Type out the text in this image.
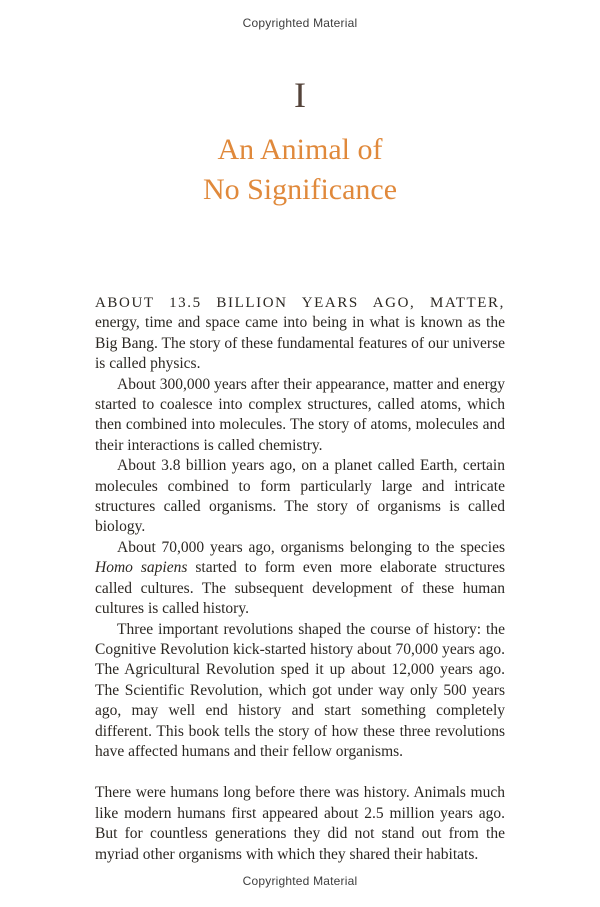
Copyrighted Material
I
An Animal of
No Significance

ABOUT 13.5 BILLION YEARS AGO, MATTER,
energy, time and space came into being in what is known as the Big Bang. The story of these fundamental features of our universe is called physics.

About 300,000 years after their appearance, matter and energy started to coalesce into complex structures, called atoms, which then combined into molecules. The story of atoms, molecules and their interactions is called chemistry.

About 3.8 billion years ago, on a planet called Earth, certain molecules combined to form particularly large and intricate structures called organisms. The story of organisms is called biology.

About 70,000 years ago, organisms belonging to the species Homo sapiens started to form even more elaborate structures called cultures. The subsequent development of these human cultures is called history.

Three important revolutions shaped the course of history: the Cognitive Revolution kick-started history about 70,000 years ago. The Agricultural Revolution sped it up about 12,000 years ago. The Scientific Revolution, which got under way only 500 years ago, may well end history and start something completely different. This book tells the story of how these three revolutions have affected humans and their fellow organisms.

There were humans long before there was history. Animals much like modern humans first appeared about 2.5 million years ago. But for countless generations they did not stand out from the myriad other organisms with which they shared their habitats.

Copyrighted Material
